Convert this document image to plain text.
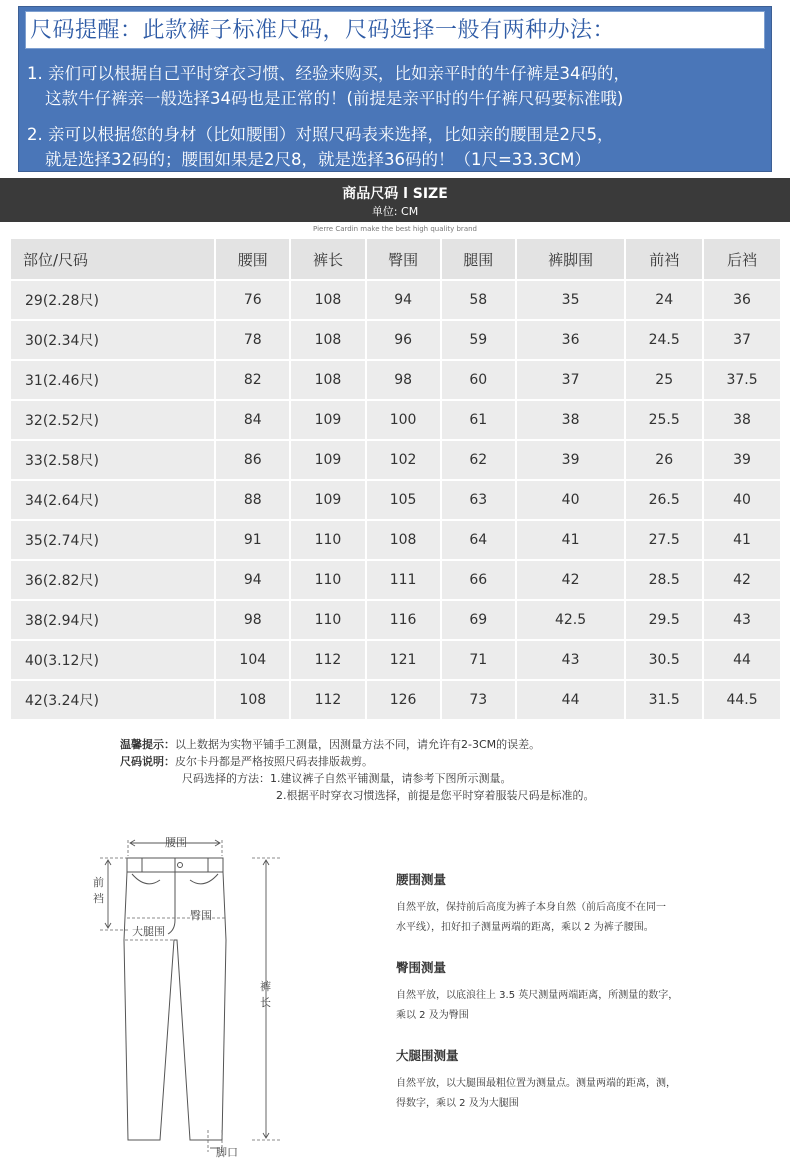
尺码提醒：此款裤子标准尺码，尺码选择一般有两种办法：
1. 亲们可以根据自己平时穿衣习惯、经验来购买，比如亲平时的牛仔裤是34码的，
这款牛仔裤亲一般选择34码也是正常的！(前提是亲平时的牛仔裤尺码要标准哦)
2. 亲可以根据您的身材（比如腰围）对照尺码表来选择，比如亲的腰围是2尺5，
就是选择32码的；腰围如果是2尺8，就是选择36码的！（1尺=33.3CM）
商品尺码 l SIZE
单位: CM
Pierre Cardin make the best high quality brand
部位/尺码	腰围	裤长	臀围	腿围	裤脚围	前裆	后裆
29(2.28尺)	76	108	94	58	35	24	36
30(2.34尺)	78	108	96	59	36	24.5	37
31(2.46尺)	82	108	98	60	37	25	37.5
32(2.52尺)	84	109	100	61	38	25.5	38
33(2.58尺)	86	109	102	62	39	26	39
34(2.64尺)	88	109	105	63	40	26.5	40
35(2.74尺)	91	110	108	64	41	27.5	41
36(2.82尺)	94	110	111	66	42	28.5	42
38(2.94尺)	98	110	116	69	42.5	29.5	43
40(3.12尺)	104	112	121	71	43	30.5	44
42(3.24尺)	108	112	126	73	44	31.5	44.5
温馨提示：以上数据为实物平铺手工测量，因测量方法不同，请允许有2-3CM的误差。
尺码说明：皮尔卡丹都是严格按照尺码表排版裁剪。
尺码选择的方法：1.建议裤子自然平铺测量，请参考下图所示测量。
2.根据平时穿衣习惯选择，前提是您平时穿着服装尺码是标准的。
腰围
前
裆
臀围
大腿围
裤
长
脚口
腰围测量
自然平放，保持前后高度为裤子本身自然（前后高度不在同一
水平线），扣好扣子测量两端的距离，乘以 2 为裤子腰围。
臀围测量
自然平放，以底浪往上 3.5 英尺测量两端距离，所测量的数字，
乘以 2 及为臀围
大腿围测量
自然平放，以大腿围最粗位置为测量点。测量两端的距离，测，
得数字，乘以 2 及为大腿围
